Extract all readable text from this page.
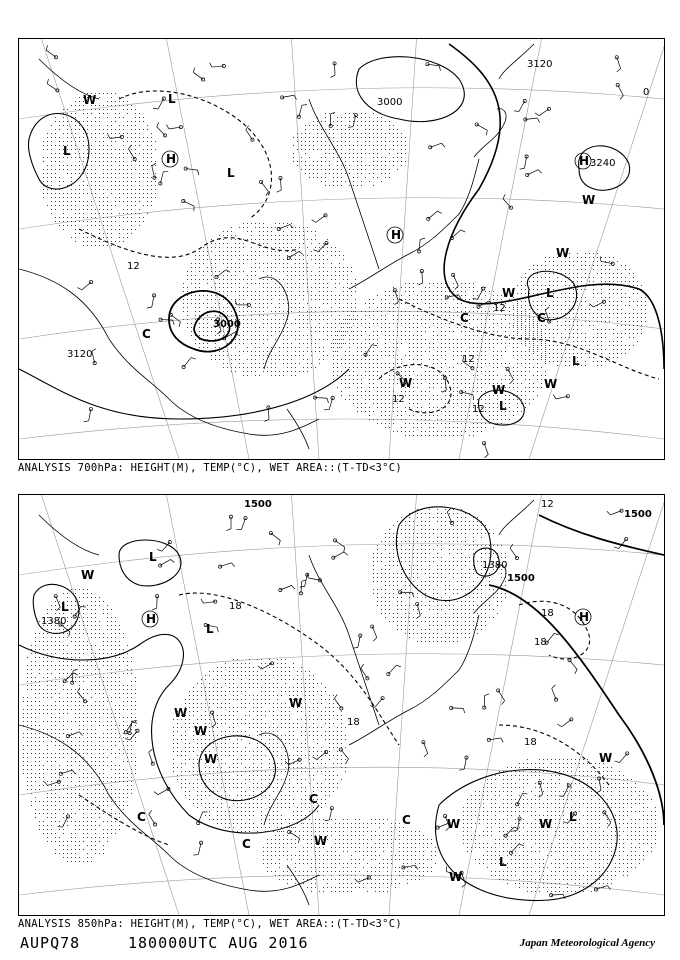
H
H
H
L
L
L
L
L
L
W
W
W
W	W	W
W
C
C	C
3120
3000
3240
3000
3120
12
12
12
12
12
0
ANALYSIS 700hPa: HEIGHT(M), TEMP(°C), WET AREA::(T-TD<3°C)
L
L
L
L
L
H	H
W
W
W
W
W
W
W	W
W
W
C
C
C
C
1500
1500
1500
1380
1380
18
18
18
18
18
12
ANALYSIS 850hPa: HEIGHT(M), TEMP(°C), WET AREA::(T-TD<3°C)
AUPQ78	180000UTC AUG 2016	Japan Meteorological Agency
